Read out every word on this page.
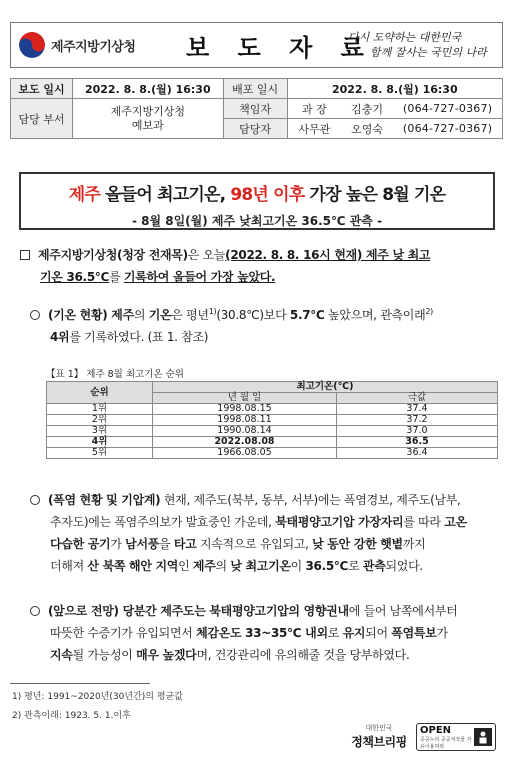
제주지방기상청	보 도 자 료
다시 도약하는 대한민국
함께 잘사는 국민의 나라
보도 일시	2022. 8. 8.(월) 16:30	배포 일시	2022. 8. 8.(월) 16:30		
담당 부서	제주지방기상청
예보과	책임자	과 장	김충기	(064-727-0367)
		담당자	사무관	오영숙	(064-727-0367)
제주 올들어 최고기온, 98년 이후 가장 높은 8월 기온
- 8월 8일(월) 제주 낮최고기온 36.5℃ 관측 -
제주지방기상청(청장 전재목)은 오늘(2022. 8. 8. 16시 현재) 제주 낮 최고
기온 36.5℃를 기록하여 올들어 가장 높았다.
(기온 현황) 제주의 기온은 평년$^{1)}$(30.8℃)보다 5.7℃ 높았으며, 관측이래$^{2)}$
4위를 기록하였다. (표 1. 참조)
【표 1】 제주 8월 최고기온 순위
순위	최고기온(℃)	
	년 월 일	극값
1위	1998.08.15	37.4
2위	1998.08.11	37.2
3위	1990.08.14	37.0
4위	2022.08.08	36.5
5위	1966.08.05	36.4
(폭염 현황 및 기압계) 현재, 제주도(북부, 동부, 서부)에는 폭염경보, 제주도(남부,
추자도)에는 폭염주의보가 발효중인 가운데, 북태평양고기압 가장자리를 따라 고온
다습한 공기가 남서풍을 타고 지속적으로 유입되고, 낮 동안 강한 햇볕까지
더해져 산 북쪽 해안 지역인 제주의 낮 최고기온이 36.5℃로 관측되었다.
(앞으로 전망) 당분간 제주도는 북태평양고기압의 영향권내에 들어 남쪽에서부터
따뜻한 수증기가 유입되면서 체감온도 33~35℃ 내외로 유지되어 폭염특보가
지속될 가능성이 매우 높겠다며, 건강관리에 유의해줄 것을 당부하였다.
1) 평년: 1991~2020년(30년간)의 평균값
2) 관측이래: 1923. 5. 1.이후
대한민국
정책브리핑
OPEN
공공누리 공공저작물 자유이용허락
